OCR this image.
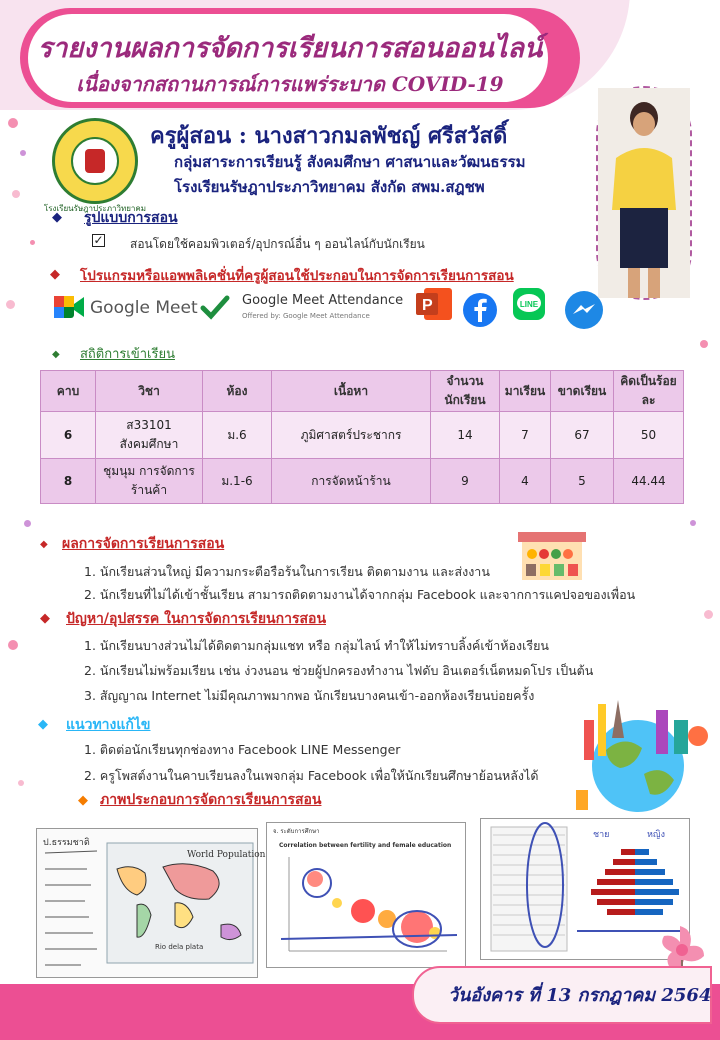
รายงานผลการจัดการเรียนการสอนออนไลน์
เนื่องจากสถานการณ์การแพร่ระบาด COVID-19
โรงเรียนรัษฎาประภาวิทยาคม
ครูผู้สอน : นางสาวกมลพัชญ์ ศรีสวัสดิ์
กลุ่มสาระการเรียนรู้ สังคมศึกษา ศาสนาและวัฒนธรรม
โรงเรียนรัษฎาประภาวิทยาคม สังกัด สพม.สฎชพ
◆ รูปแบบการสอน
✓ สอนโดยใช้คอมพิวเตอร์/อุปกรณ์อื่น ๆ ออนไลน์กับนักเรียน
◆ โปรแกรมหรือแอพพลิเคชั่นที่ครูผู้สอนใช้ประกอบในการจัดการเรียนการสอน
Google Meet	Google Meet Attendance
Offered by: Google Meet Attendance
P	LINE
◆ สถิติการเข้าเรียน
คาบ	วิชา	ห้อง	เนื้อหา	จำนวนนักเรียน	มาเรียน	ขาดเรียน	คิดเป็นร้อยละ
6	ส33101 สังคมศึกษา	ม.6	ภูมิศาสตร์ประชากร	14	7	67	50
8	ชุมนุม การจัดการร้านค้า	ม.1-6	การจัดหน้าร้าน	9	4	5	44.44
◆ ผลการจัดการเรียนการสอน
1. นักเรียนส่วนใหญ่ มีความกระตือรือร้นในการเรียน ติดตามงาน และส่งงาน
2. นักเรียนที่ไม่ได้เข้าชั้นเรียน สามารถติดตามงานได้จากกลุ่ม Facebook และจากการแคปจอของเพื่อน
◆ ปัญหา/อุปสรรค ในการจัดการเรียนการสอน
1. นักเรียนบางส่วนไม่ได้ติดตามกลุ่มแชท หรือ กลุ่มไลน์ ทำให้ไม่ทราบลิ้งค์เข้าห้องเรียน
2. นักเรียนไม่พร้อมเรียน เช่น ง่วงนอน ช่วยผู้ปกครองทำงาน ไฟดับ อินเตอร์เน็ตหมดโปร เป็นต้น
3. สัญญาณ Internet ไม่มีคุณภาพมากพอ นักเรียนบางคนเข้า-ออกห้องเรียนบ่อยครั้ง
◆ แนวทางแก้ไข
1. ติดต่อนักเรียนทุกช่องทาง Facebook LINE Messenger
2. ครูโพสต์งานในคาบเรียนลงในเพจกลุ่ม Facebook เพื่อให้นักเรียนศึกษาย้อนหลังได้
◆ ภาพประกอบการจัดการเรียนการสอน
ป.ธรรมชาติ
World Population
Rio dela plata
จ. ระดับการศึกษา
Correlation between fertility and female education
ชาย	หญิง
วันอังคาร ที่ 13 กรกฎาคม 2564
